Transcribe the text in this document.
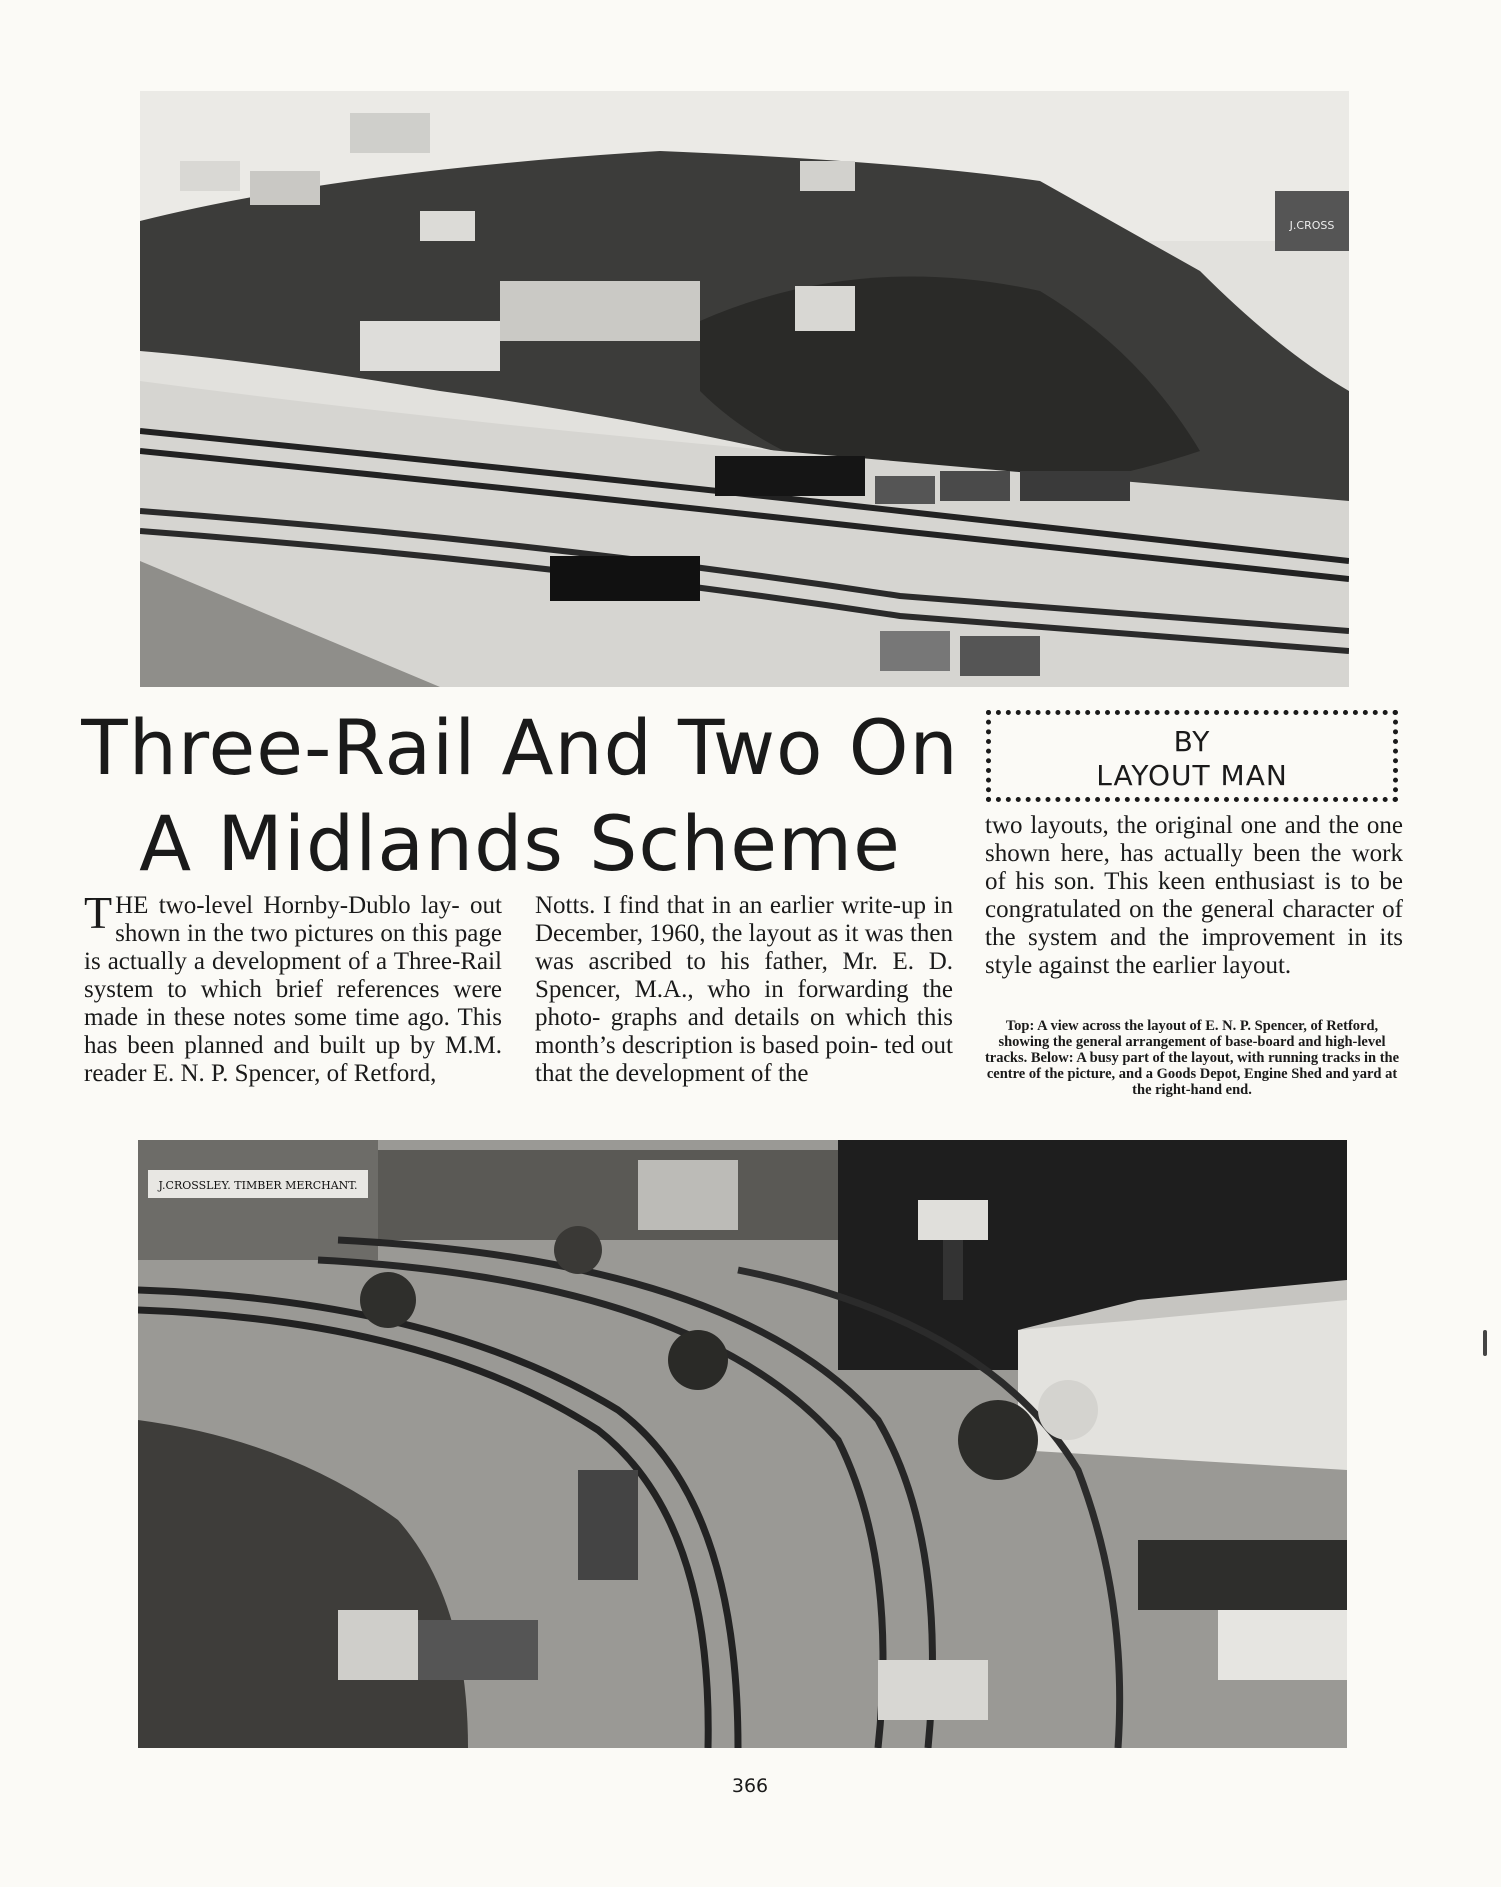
J.CROSS
Three-Rail And Two On
A Midlands Scheme
BY
LAYOUT MAN

THE two-level Hornby-Dublo lay- out shown in the two pictures on this page is actually a development of a Three-Rail system to which brief references were made in these notes some time ago. This has been planned and built up by M.M. reader E. N. P. Spencer, of Retford,

Notts. I find that in an earlier write-up in December, 1960, the layout as it was then was ascribed to his father, Mr. E. D. Spencer, M.A., who in forwarding the photo- graphs and details on which this month’s description is based poin- ted out that the development of the

two layouts, the original one and the one shown here, has actually been the work of his son. This keen enthusiast is to be congratulated on the general character of the system and the improvement in its style against the earlier layout.

Top: A view across the layout of E. N. P. Spencer, of Retford, showing the general arrangement of base-board and high-level tracks. Below: A busy part of the layout, with running tracks in the centre of the picture, and a Goods Depot, Engine Shed and yard at the right-hand end.

J.CROSSLEY. TIMBER MERCHANT.
366
